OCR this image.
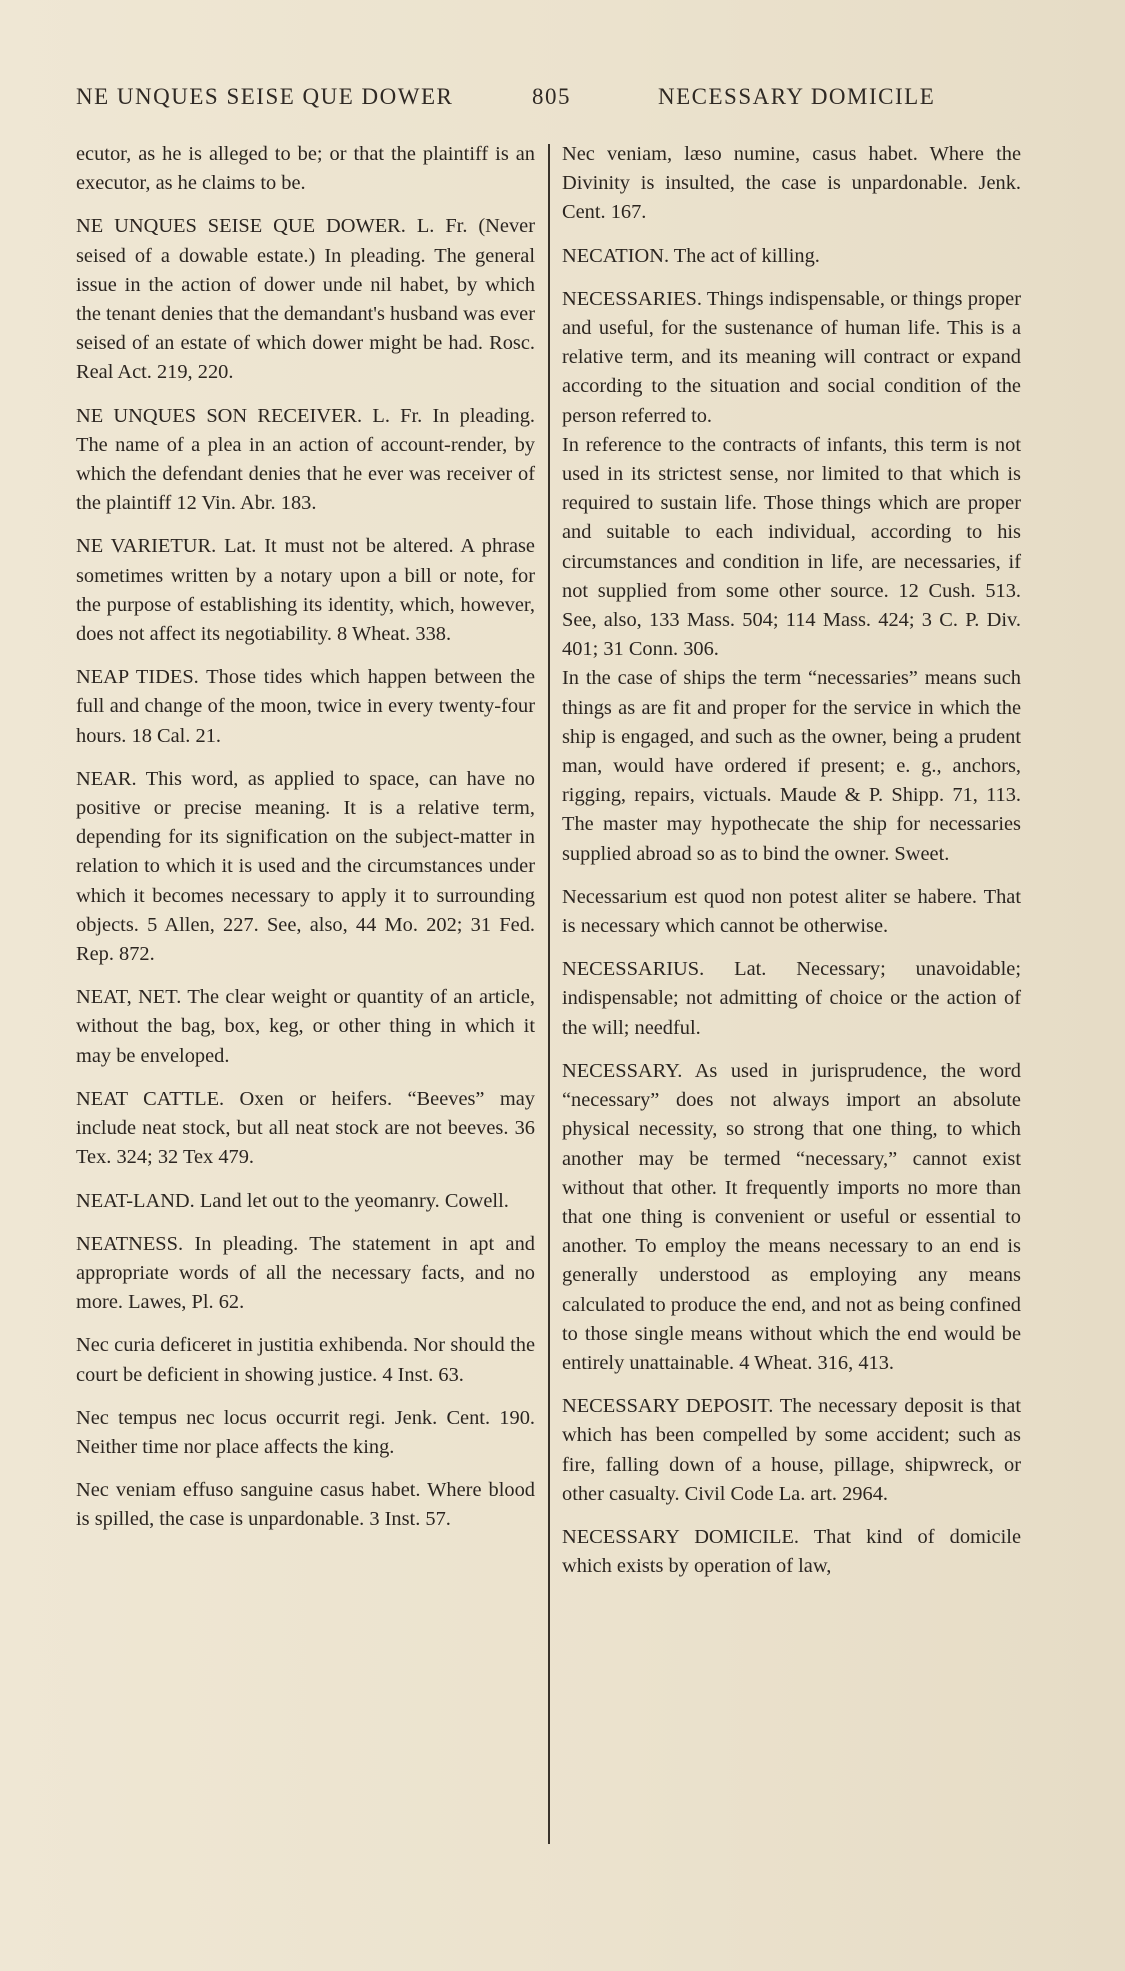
NE UNQUES SEISE QUE DOWER	805	NECESSARY DOMICILE

ecutor, as he is alleged to be; or that the plaintiff is an executor, as he claims to be.

NE UNQUES SEISE QUE DOWER. L. Fr. (Never seised of a dowable estate.) In pleading. The general issue in the action of dower unde nil habet, by which the tenant denies that the demandant's husband was ever seised of an estate of which dower might be had. Rosc. Real Act. 219, 220.

NE UNQUES SON RECEIVER. L. Fr. In pleading. The name of a plea in an action of account-render, by which the defendant denies that he ever was receiver of the plaintiff 12 Vin. Abr. 183.

NE VARIETUR. Lat. It must not be altered. A phrase sometimes written by a notary upon a bill or note, for the purpose of establishing its identity, which, however, does not affect its negotiability. 8 Wheat. 338.

NEAP TIDES. Those tides which happen between the full and change of the moon, twice in every twenty-four hours. 18 Cal. 21.

NEAR. This word, as applied to space, can have no positive or precise meaning. It is a relative term, depending for its signification on the subject-matter in relation to which it is used and the circumstances under which it becomes necessary to apply it to surrounding objects. 5 Allen, 227. See, also, 44 Mo. 202; 31 Fed. Rep. 872.

NEAT, NET. The clear weight or quantity of an article, without the bag, box, keg, or other thing in which it may be enveloped.

NEAT CATTLE. Oxen or heifers. “Beeves” may include neat stock, but all neat stock are not beeves. 36 Tex. 324; 32 Tex 479.

NEAT-LAND. Land let out to the yeomanry. Cowell.

NEATNESS. In pleading. The statement in apt and appropriate words of all the necessary facts, and no more. Lawes, Pl. 62.

Nec curia deficeret in justitia exhibenda. Nor should the court be deficient in showing justice. 4 Inst. 63.

Nec tempus nec locus occurrit regi. Jenk. Cent. 190. Neither time nor place affects the king.

Nec veniam effuso sanguine casus habet. Where blood is spilled, the case is unpardonable. 3 Inst. 57.

Nec veniam, læso numine, casus habet. Where the Divinity is insulted, the case is unpardonable. Jenk. Cent. 167.

NECATION. The act of killing.

NECESSARIES. Things indispensable, or things proper and useful, for the sustenance of human life. This is a relative term, and its meaning will contract or expand according to the situation and social condition of the person referred to.

In reference to the contracts of infants, this term is not used in its strictest sense, nor limited to that which is required to sustain life. Those things which are proper and suitable to each individual, according to his circumstances and condition in life, are necessaries, if not supplied from some other source. 12 Cush. 513. See, also, 133 Mass. 504; 114 Mass. 424; 3 C. P. Div. 401; 31 Conn. 306.

In the case of ships the term “necessaries” means such things as are fit and proper for the service in which the ship is engaged, and such as the owner, being a prudent man, would have ordered if present; e. g., anchors, rigging, repairs, victuals. Maude & P. Shipp. 71, 113. The master may hypothecate the ship for necessaries supplied abroad so as to bind the owner. Sweet.

Necessarium est quod non potest aliter se habere. That is necessary which cannot be otherwise.

NECESSARIUS. Lat. Necessary; unavoidable; indispensable; not admitting of choice or the action of the will; needful.

NECESSARY. As used in jurisprudence, the word “necessary” does not always import an absolute physical necessity, so strong that one thing, to which another may be termed “necessary,” cannot exist without that other. It frequently imports no more than that one thing is convenient or useful or essential to another. To employ the means necessary to an end is generally understood as employing any means calculated to produce the end, and not as being confined to those single means without which the end would be entirely unattainable. 4 Wheat. 316, 413.

NECESSARY DEPOSIT. The necessary deposit is that which has been compelled by some accident; such as fire, falling down of a house, pillage, shipwreck, or other casualty. Civil Code La. art. 2964.

NECESSARY DOMICILE. That kind of domicile which exists by operation of law,
